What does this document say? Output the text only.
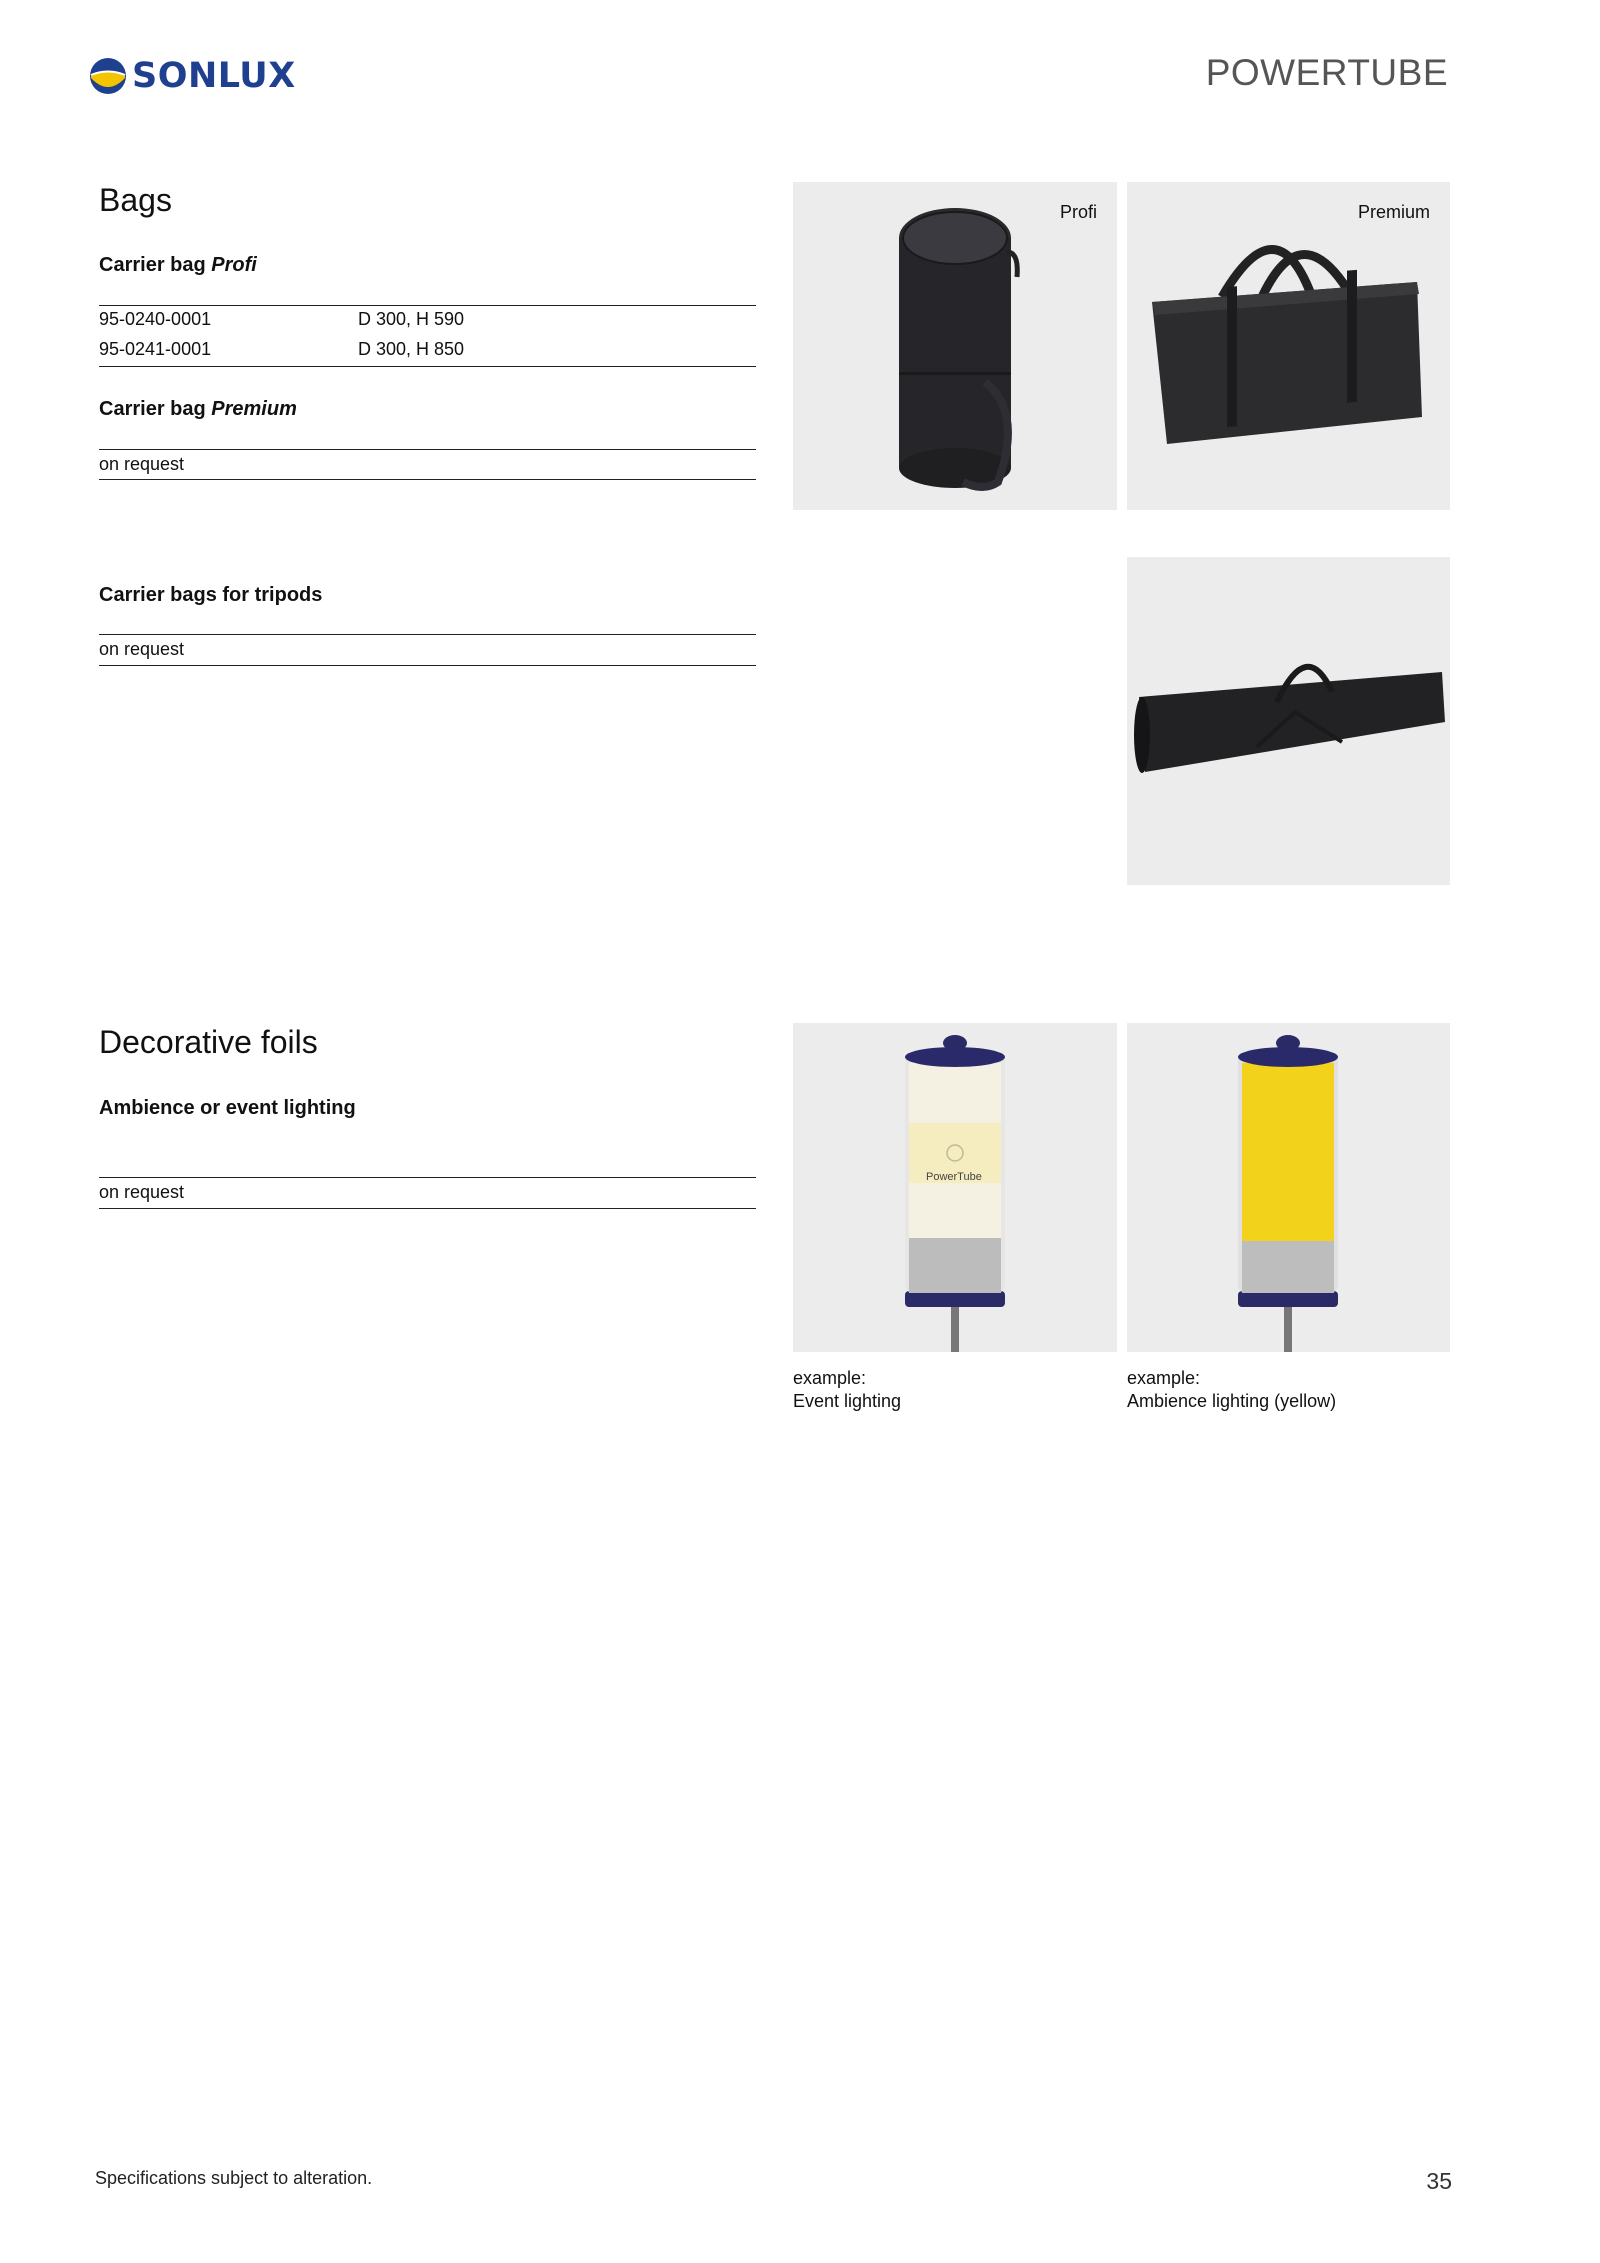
SONLUX	POWERTUBE
Bags
Carrier bag Profi
95-0240-0001	D 300, H 590
95-0241-0001	D 300, H 850
Carrier bag Premium
on request
Carrier bags for tripods
on request
Profi	Premium
Decorative foils
Ambience or event lighting
on request
PowerTube
example:
Event lighting
example:
Ambience lighting (yellow)
Specifications subject to alteration.	35
